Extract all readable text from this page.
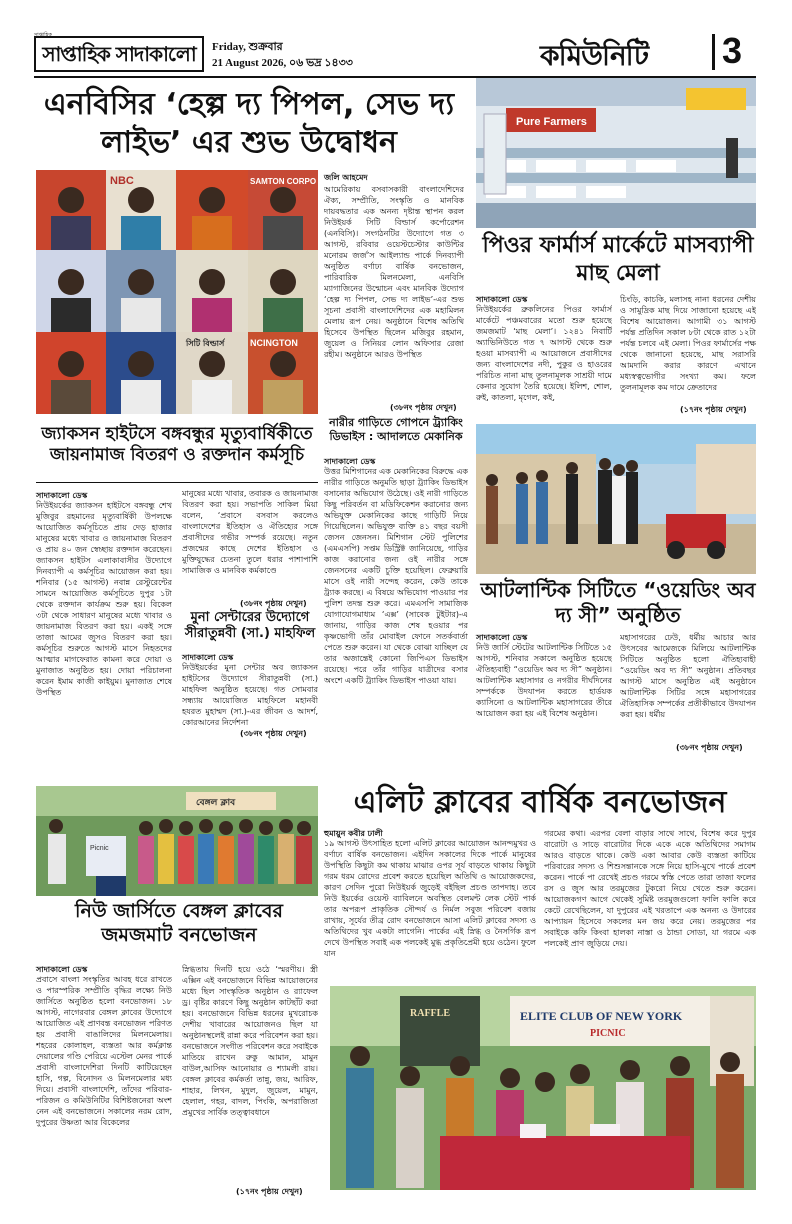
সাপ্তাহিক
সাপ্তাহিক সাদাকালো	Friday, শুক্রবার
21 August 2026, ০৬ ভদ্র ১৪৩৩	কমিউনিটি 3
এনবিসির ‘হেল্প দ্য পিপল, সেভ দ্য লাইভ’ এর শুভ উদ্বোধন
NBC	SAMTON CORPO
NCINGTON
সিটি বিল্ডার্স
জলি আহমেদ
আমেরিকায় বসবাসকারী বাংলাদেশিদের ঐক্য, সম্প্রীতি, সংস্কৃতি ও মানবিক দায়বদ্ধতার এক অনন্য দৃষ্টান্ত স্থাপন করল নিউইয়র্ক সিটি বিল্ডার্স কর্পোরেশন (এনবিসি)। সংগঠনটির উদ্যোগে গত ৩ আগস্ট, রবিবার ওয়েস্টচেস্টার কাউন্টির মনোরম জর্জ’স আইল্যান্ড পার্কে দিনব্যাপী অনুষ্ঠিত বর্ণাঢ্য বার্ষিক বনভোজন, পারিবারিক মিলনমেলা, এনবিসি ম্যাগাজিনের উন্মোচন এবং মানবিক উদ্যোগ ‘হেল্প দ্য পিপল, সেভ দ্য লাইভ’-এর শুভ সূচনা প্রবাসী বাংলাদেশিদের এক মহামিলন মেলায় রূপ নেয়। অনুষ্ঠানে বিশেষ অতিথি হিসেবে উপস্থিত ছিলেন মজিবুর রহমান, জুয়েল ও সিনিয়র লোন অফিসার রেজা রহীম। অনুষ্ঠানে আরও উপস্থিত
(৩৮নং পৃষ্ঠায় দেখুন)
Pure Farmers
পিওর ফার্মার্স মার্কেটে মাসব্যাপী মাছ মেলা
সাদাকালো ডেস্ক
নিউইয়র্কের ব্রুকলিনের পিওর ফার্মার্স মার্কেটে পঞ্চমবারের মতো শুরু হয়েছে জমজমাট ‘মাছ মেলা’। ১২৪১ নিবার্টি অ্যাভিনিউতে গত ৭ আগস্ট থেকে শুরু হওয়া মাসব্যাপী এ আয়োজনে প্রবাসীদের জন্য বাংলাদেশের নদী, পুকুর ও হাওরের পরিচিত নানা মাছ তুলনামূলক সাশ্রয়ী দামে কেনার সুযোগ তৈরি হয়েছে। ইলিশ, শোল, রুই, কাতলা, মৃগেল, কই,
চিংড়ি, কাচকি, মলাসহ নানা ধরনের দেশীয় ও সামুদ্রিক মাছ দিয়ে সাজানো হয়েছে এই বিশেষ আয়োজন। আগামী ৩১ আগস্ট পর্যন্ত প্রতিদিন সকাল ৮টা থেকে রাত ১২টা পর্যন্ত চলবে এই মেলা। পিওর ফার্মার্সের পক্ষ থেকে জানানো হয়েছে, মাছ সরাসরি আমদানি করার কারণে এখানে মধ্যস্বত্বভোগীর সংখ্যা কম। ফলে তুলনামূলক কম দামে ক্রেতাদের
(১৭নং পৃষ্ঠায় দেখুন)
জ্যাকসন হাইটসে বঙ্গবন্ধুর মৃত্যুবার্ষিকীতে জায়নামাজ বিতরণ ও রক্তদান কর্মসূচি
সাদাকালো ডেস্ক
নিউইয়র্কের জ্যাকসন হাইটসে বঙ্গবন্ধু শেখ মুজিবুর রহমানের মৃত্যুবার্ষিকী উপলক্ষে আয়োজিত কর্মসূচিতে প্রায় দেড় হাজার মানুষের মধ্যে খাবার ও জায়নামাজ বিতরণ ও প্রায় ৪০ জন স্বেচ্ছায় রক্তদান করেছেন। জ্যাকসন হাইটস এলাকাবাসীর উদ্যোগে দিনব্যাপী এ কর্মসূচির আয়োজন করা হয়। শনিবার (১৫ আগস্ট) নবান্ন রেস্টুরেন্টের সামনে আয়োজিত কর্মসূচিতে দুপুর ১টা থেকে রক্তদান কার্যক্রম শুরু হয়। বিকেল ৩টা থেকে সাধারণ মানুষের মধ্যে খাবার ও জায়নামাজ বিতরণ করা হয়। একই সঙ্গে তাজা আমের জুসও বিতরণ করা হয়। কর্মসূচির শুরুতে আগস্ট মাসে নিহতদের আত্মার মাগফেরাত কামনা করে দোয়া ও মুনাজাত অনুষ্ঠিত হয়। দোয়া পরিচালনা করেন ইমাম কাজী কাইয়ুম। মুনাজাত শেষে উপস্থিত
মানুষের মধ্যে খাবার, তবারক ও জায়নামাজ বিতরণ করা হয়। সভাপতি সাকিল মিয়া বলেন, ‘প্রবাসে বসবাস করলেও বাংলাদেশের ইতিহাস ও ঐতিহ্যের সঙ্গে প্রবাসীদের গভীর সম্পর্ক রয়েছে। নতুন প্রজন্মের কাছে দেশের ইতিহাস ও মুক্তিযুদ্ধের চেতনা তুলে ধরার পাশাপাশি সামাজিক ও মানবিক কর্মকাণ্ডে
(৩৮নং পৃষ্ঠায় দেখুন)
নারীর গাড়িতে গোপনে ট্র্যাকিং ডিভাইস : আদালতে মেকানিক
সাদাকালো ডেস্ক
উত্তর মিশিগানের এক মেকানিকের বিরুদ্ধে এক নারীর গাড়িতে অনুমতি ছাড়া ট্র্যাকিং ডিভাইস বসানোর অভিযোগ উঠেছে। ওই নারী গাড়িতে কিছু পরিবর্তন বা মডিফিকেশন করানোর জন্য অভিযুক্ত মেকানিকের কাছে গাড়িটি নিয়ে গিয়েছিলেন। অভিযুক্ত ব্যক্তি ৪১ বছর বয়সী জেসন জেনসন। মিশিগান স্টেট পুলিশের (এমএসপি) সপ্তম ডিস্ট্রিক্ট জানিয়েছে, গাড়ির কাজ করানোর জন্য ওই নারীর সঙ্গে জেনসনের একটি চুক্তি হয়েছিল। ফেব্রুয়ারি মাসে ওই নারী সন্দেহ করেন, কেউ তাকে ট্র্যাক করছে। এ বিষয়ে অভিযোগ পাওয়ার পর পুলিশ তদন্ত শুরু করে। এমএসপি সামাজিক যোগাযোগমাধ্যম ‘এক্স’ (সাবেক টুইটার)-এ জানায়, গাড়ির কাজ শেষ হওয়ার পর কৃষ্ণভোগী তাঁর মোবাইল ফোনে সতর্কবার্তা পেতে শুরু করেন। যা থেকে বোঝা যাচ্ছিল যে তার অজান্তেই কোনো জিপিএস ডিভাইস রয়েছে। পরে তাঁর গাড়ির যাত্রীদের বসার অংশে একটি ট্র্যাকিং ডিভাইস পাওয়া যায়।
মুনা সেন্টারের উদ্যোগে সীরাতুন্নবী (সা.) মাহফিল
সাদাকালো ডেস্ক
নিউইয়র্কের মুনা সেন্টার অব জ্যাকসন হাইটসের উদ্যোগে সীরাতুন্নবী (সা.) মাহফিল অনুষ্ঠিত হয়েছে। গত সোমবার সন্ধ্যায় আয়োজিত মাহফিলে মহানবী হযরত মুহাম্মদ (সা.)-এর জীবন ও আদর্শ, কোরআনের নির্দেশনা
(৩৮নং পৃষ্ঠায় দেখুন)
আটলান্টিক সিটিতে “ওয়েডিং অব দ্য সী” অনুষ্ঠিত
সাদাকালো ডেস্ক
নিউ জার্সি স্টেটের আটলান্টিক সিটিতে ১৫ আগস্ট, শনিবার সকালে অনুষ্ঠিত হয়েছে ঐতিহ্যবাহী “ওয়েডিং অব দ্য সী” অনুষ্ঠান। আটলান্টিক মহাসাগর ও নগরীর দীর্ঘদিনের সম্পর্ককে উদযাপন করতে হার্ডয়ক ক্যাসিনো ও আটলান্টিক মহাসাগরের তীরে আয়োজন করা হয় এই বিশেষ অনুষ্ঠান।
মহাসাগরের ঢেউ, ধর্মীয় আচার আর উৎসবের আমেজকে মিলিয়ে আটলান্টিক সিটিতে অনুষ্ঠিত হলো ঐতিহ্যবাহী “ওয়েডিং অব দ্য সী” অনুষ্ঠান। প্রতিবছর আগস্ট মাসে অনুষ্ঠিত এই অনুষ্ঠানে আটলান্টিক সিটির সঙ্গে মহাসাগরের ঐতিহাসিক সম্পর্কের প্রতীকীভাবে উদযাপন করা হয়। ধর্মীয়
(৩৮নং পৃষ্ঠায় দেখুন)
এলিট ক্লাবের বার্ষিক বনভোজন
বেঙ্গল ক্লাব
Picnic
নিউ জার্সিতে বেঙ্গল ক্লাবের জমজমাট বনভোজন
সাদাকালো ডেস্ক
প্রবাসে বাংলা সংস্কৃতির আবহ ধরে রাখতে ও পারস্পরিক সম্প্রীতি বৃদ্ধির লক্ষ্যে নিউ জার্সিতে অনুষ্ঠিত হলো বনভোজন। ১৮ আগস্ট, নাগেরবার বেঙ্গল ক্লাবের উদ্যোগে আয়োজিত এই প্রাণবন্ত বনভোজন পরিণত হয় প্রবাসী বাঙালিদের মিলনমেলায়। শহরের কোলাহল, ব্যস্ততা আর কর্মক্লান্ত দেয়ালের গণ্ডি পেরিয়ে এস্টেল মেনর পার্কে প্রবাসী বাংলাদেশিরা দিনটি কাটিয়েছেন হাসি, গল্প, বিনোদন ও মিলনমেলার মধ্য দিয়ে। প্রবাসী বাংলাদেশি, তাঁদের পরিবার-পরিজন ও কমিউনিটির বিশিষ্টজনেরা অংশ নেন এই বনভোজনে। সকালের নরম রোদ, দুপুরের উষ্ণতা আর বিকেলের
স্নিগ্ধতায় দিনটি হয়ে ওঠে ‘স্মরণীয়। স্ত্রী এক্সিন এই বনভোজনে বিভিন্ন আয়োজনের মধ্যে ছিল সাংস্কৃতিক অনুষ্ঠান ও র‍্যাফেল ড্র। বৃষ্টির কারণে কিছু অনুষ্ঠান কাটছাঁট করা হয়। বনভোজনে বিভিন্ন ধরনের মুখরোচক দেশীয় খাবারের আয়োজনও ছিল যা অনুষ্ঠানস্থলেই রান্না করে পরিবেশন করা হয়। বনভোজনে সংগীত পরিবেশন করে সবাইকে মাতিয়ে রাখেন রুকু আমান, মামুন বাউল,আসিফ আনোয়ার ও শ্যামলী রায়। বেঙ্গল ক্লাবের কর্মকর্তা তান্নু, জয়, আরিফ, শাহার, লিখন, মুদুল, জুয়েল, মামুন, হেলাল, গহর, বাদল, পিংকি, অপরাজিতা প্রমুখের সার্বিক তত্ত্বাবধানে
(১৭নং পৃষ্ঠায় দেখুন)
হুমায়ুন কবীর ঢালী
১৯ আগস্ট উৎসাহিত হলো এলিট ক্লাবের আয়োজন আনন্দমুখর ও বর্ণাঢ্য বার্ষিক বনভোজন। এইদিন সকালের দিকে পার্কে মানুষের উপস্থিতি কিছুটা কম থাকায় মাঝার ওপর সূর্য বাড়তে থাকায় কিছুটা গরম ধরম রোদের প্রবেশ করতে হয়েছিল অতিথি ও আয়োজকদের, কারণ সেদিন পুরো নিউইয়র্ক জুড়েই বইছিল প্রচণ্ড তাপদাহ। তবে নিউ ইয়র্কের ওয়েস্ট ব্যাবিলনে অবস্থিত বেলমন্ট লেক স্টেট পার্ক তার অপরূপ প্রাকৃতিক সৌন্দর্য ও নির্মল সবুজ পরিবেশ বজায় রাখায়, সূর্যের তীব্র রোদ বনভোজনে আসা এলিট ক্লাবের সদস্য ও অতিথিদের খুব একটা লাগেনি। পার্কের এই স্নিগ্ধ ও নৈসর্গিক রূপ দেখে উপস্থিত সবাই এক পলকেই মুগ্ধ প্রকৃতিপ্রেমী হয়ে ওঠেন। ফুলে যান
গরমের কথা। এরপর বেলা বাড়ার সাথে সাথে, বিশেষ করে দুপুর বারোটা ও সাড়ে বারোটার দিকে একে একে অতিথিদের সমাগম আরও বাড়তে থাকে। কেউ একা আবার কেউ ব্যস্ততা কাটিয়ে পরিবারের সদস্য ও শিশুসন্তানকে সঙ্গে নিয়ে হাসি-মুখে পার্কে প্রবেশ করেন। পার্কে পা রেখেই প্রচণ্ড গরমে স্বস্তি পেতে তারা তাজা ফলের রস ও জুস আর তরমুজের টুকরো নিয়ে খেতে শুরু করেন। আয়োজকগণ আগে থেকেই সুমিষ্ট তরমুজগুলো ফালি ফালি করে কেটে রেখেছিলেন, যা দুপুরের এই খরতাপে এক অনন্য ও উদারের আপ্যায়ন হিসেবে সকলের মন জয় করে নেয়। তরমুজের পর সবাইকে কফি কিংবা হালকা নাস্তা ও ঠান্ডা সোডা, যা গরমে এক পলকেই প্রাণ জুড়িয়ে দেয়।
RAFFLE	ELITE CLUB OF NEW YORK
PICNIC
